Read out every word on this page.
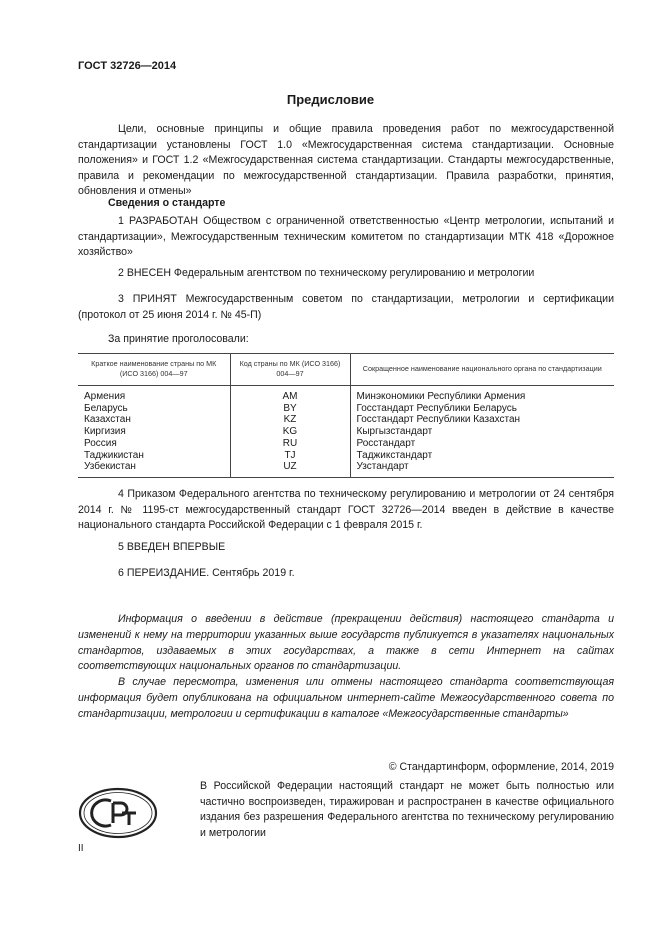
ГОСТ 32726—2014
Предисловие
Цели, основные принципы и общие правила проведения работ по межгосударственной стандартизации установлены ГОСТ 1.0 «Межгосударственная система стандартизации. Основные положения» и ГОСТ 1.2 «Межгосударственная система стандартизации. Стандарты межгосударственные, правила и рекомендации по межгосударственной стандартизации. Правила разработки, принятия, обновления и отмены»
Сведения о стандарте
1 РАЗРАБОТАН Обществом с ограниченной ответственностью «Центр метрологии, испытаний и стандартизации», Межгосударственным техническим комитетом по стандартизации МТК 418 «Дорожное хозяйство»
2 ВНЕСЕН Федеральным агентством по техническому регулированию и метрологии
3 ПРИНЯТ Межгосударственным советом по стандартизации, метрологии и сертификации (протокол от 25 июня 2014 г. № 45-П)
За принятие проголосовали:
Краткое наименование страны по МК (ИСО 3166) 004—97	Код страны по МК (ИСО 3166) 004—97	Сокращенное наименование национального органа по стандартизации
Армения	AM	Минэкономики Республики Армения
Беларусь	BY	Госстандарт Республики Беларусь
Казахстан	KZ	Госстандарт Республики Казахстан
Киргизия	KG	Кыргызстандарт
Россия	RU	Росстандарт
Таджикистан	TJ	Таджикстандарт
Узбекистан	UZ	Узстандарт
4 Приказом Федерального агентства по техническому регулированию и метрологии от 24 сентября 2014 г. № 1195-ст межгосударственный стандарт ГОСТ 32726—2014 введен в действие в качестве национального стандарта Российской Федерации с 1 февраля 2015 г.
5 ВВЕДЕН ВПЕРВЫЕ
6 ПЕРЕИЗДАНИЕ. Сентябрь 2019 г.
Информация о введении в действие (прекращении действия) настоящего стандарта и изменений к нему на территории указанных выше государств публикуется в указателях национальных стандартов, издаваемых в этих государствах, а также в сети Интернет на сайтах соответствующих национальных органов по стандартизации.
В случае пересмотра, изменения или отмены настоящего стандарта соответствующая информация будет опубликована на официальном интернет-сайте Межгосударственного совета по стандартизации, метрологии и сертификации в каталоге «Межгосударственные стандарты»
© Стандартинформ, оформление, 2014, 2019
В Российской Федерации настоящий стандарт не может быть полностью или частично воспроизведен, тиражирован и распространен в качестве официального издания без разрешения Федерального агентства по техническому регулированию и метрологии
II
